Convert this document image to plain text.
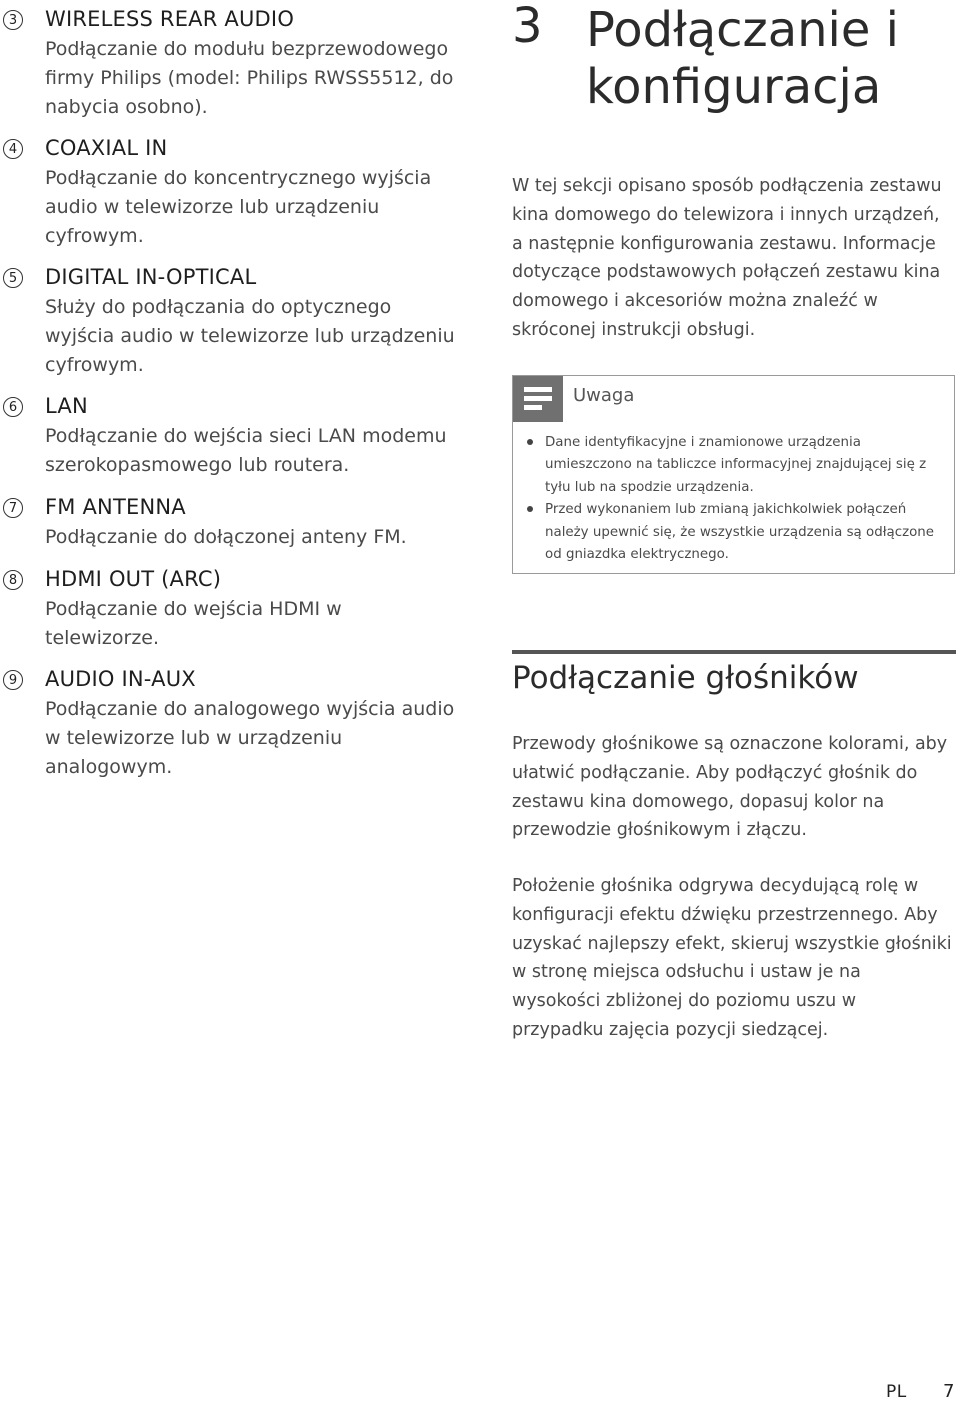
3 WIRELESS REAR AUDIO

Podłączanie do modułu bezprzewodowego firmy Philips (model: Philips RWSS5512, do nabycia osobno).

4 COAXIAL IN

Podłączanie do koncentrycznego wyjścia audio w telewizorze lub urządzeniu cyfrowym.

5 DIGITAL IN-OPTICAL

Służy do podłączania do optycznego wyjścia audio w telewizorze lub urządzeniu cyfrowym.

6 LAN

Podłączanie do wejścia sieci LAN modemu szerokopasmowego lub routera.

7 FM ANTENNA

Podłączanie do dołączonej anteny FM.

8 HDMI OUT (ARC)

Podłączanie do wejścia HDMI w telewizorze.

9 AUDIO IN-AUX

Podłączanie do analogowego wyjścia audio w telewizorze lub w urządzeniu analogowym.

3 Podłączanie i konfiguracja

W tej sekcji opisano sposób podłączenia zestawu kina domowego do telewizora i innych urządzeń, a następnie konfigurowania zestawu. Informacje dotyczące podstawowych połączeń zestawu kina domowego i akcesoriów można znaleźć w skróconej instrukcji obsługi.

Uwaga
Dane identyfikacyjne i znamionowe urządzenia umieszczono na tabliczce informacyjnej znajdującej się z tyłu lub na spodzie urządzenia.
Przed wykonaniem lub zmianą jakichkolwiek połączeń należy upewnić się, że wszystkie urządzenia są odłączone od gniazdka elektrycznego.
Podłączanie głośników

Przewody głośnikowe są oznaczone kolorami, aby ułatwić podłączanie. Aby podłączyć głośnik do zestawu kina domowego, dopasuj kolor na przewodzie głośnikowym i złączu.

Położenie głośnika odgrywa decydującą rolę w konfiguracji efektu dźwięku przestrzennego. Aby uzyskać najlepszy efekt, skieruj wszystkie głośniki w stronę miejsca odsłuchu i ustaw je na wysokości zbliżonej do poziomu uszu w przypadku zajęcia pozycji siedzącej.

PL 7
